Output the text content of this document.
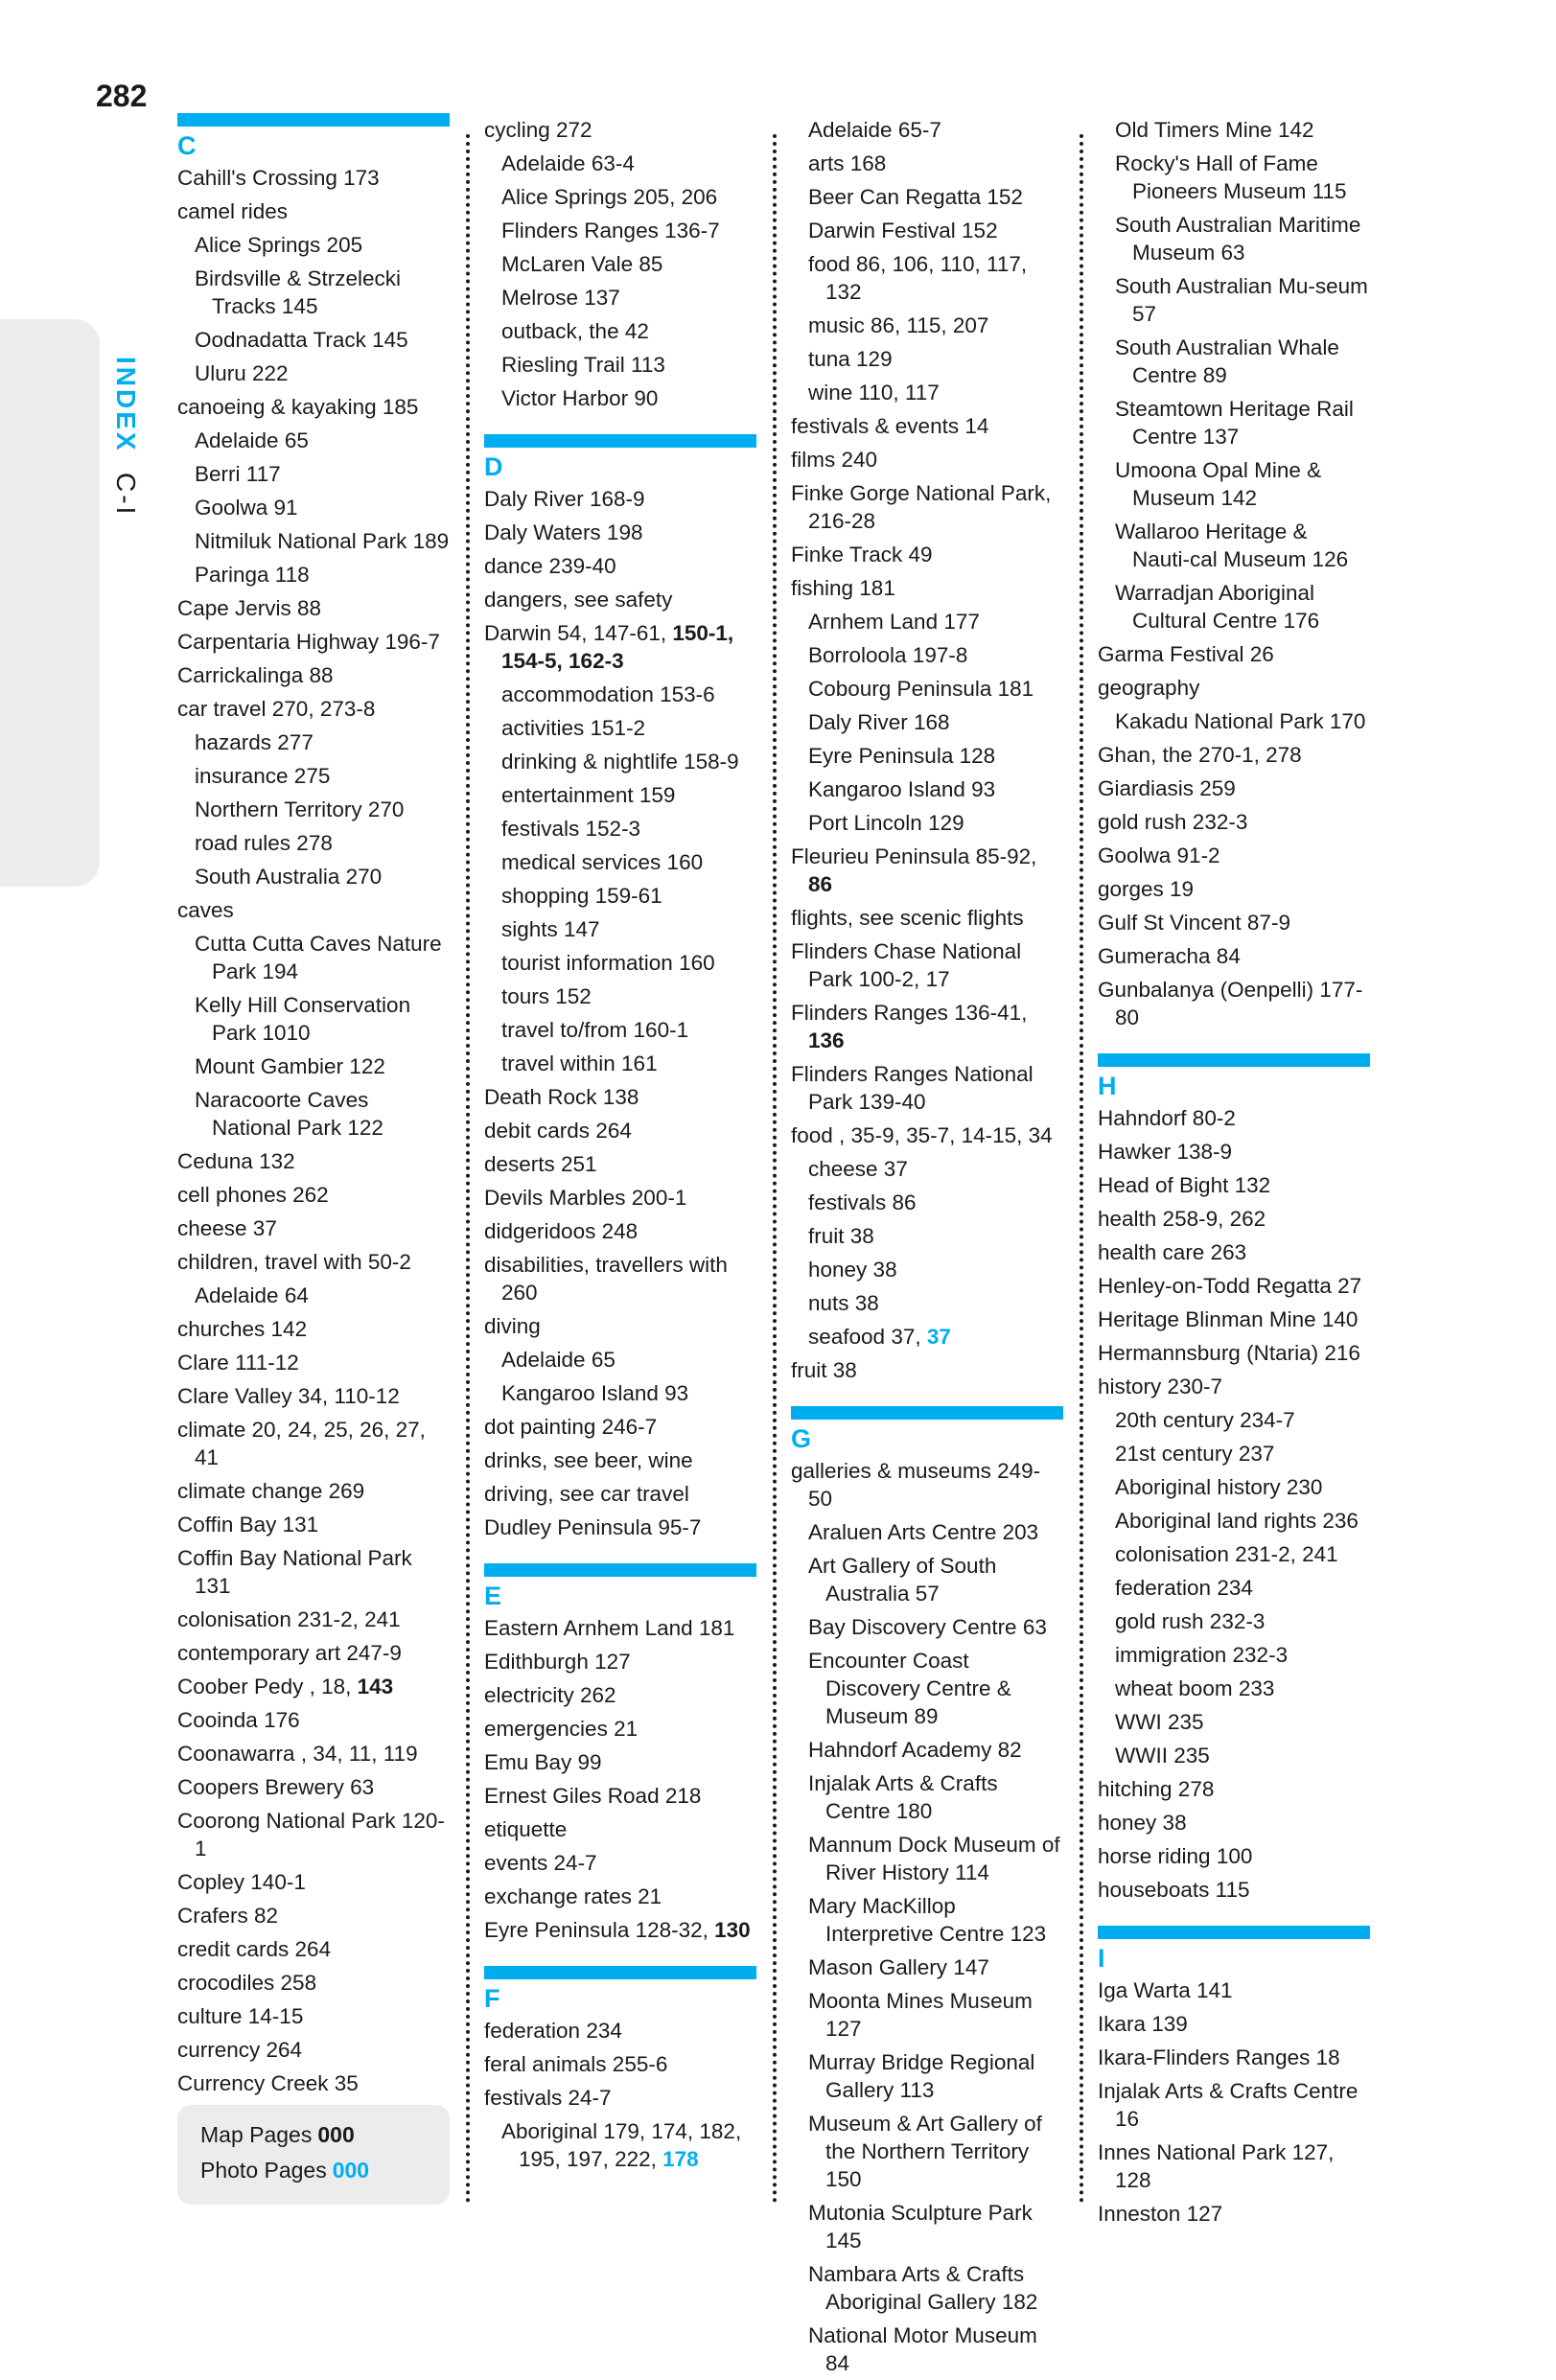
INDEX C-I
282
C
Cahill's Crossing 173
camel rides
Alice Springs 205
Birdsville & Strzelecki Tracks 145
Oodnadatta Track 145
Uluru 222
canoeing & kayaking 185
Adelaide 65
Berri 117
Goolwa 91
Nitmiluk National Park 189
Paringa 118
Cape Jervis 88
Carpentaria Highway 196-7
Carrickalinga 88
car travel 270, 273-8
hazards 277
insurance 275
Northern Territory 270
road rules 278
South Australia 270
caves
Cutta Cutta Caves Nature Park 194
Kelly Hill Conservation Park 1010
Mount Gambier 122
Naracoorte Caves National Park 122
Ceduna 132
cell phones 262
cheese 37
children, travel with 50-2
Adelaide 64
churches 142
Clare 111-12
Clare Valley 34, 110-12
climate 20, 24, 25, 26, 27, 41
climate change 269
Coffin Bay 131
Coffin Bay National Park 131
colonisation 231-2, 241
contemporary art 247-9
Coober Pedy , 18, 143
Cooinda 176
Coonawarra , 34, 11, 119
Coopers Brewery 63
Coorong National Park 120-1
Copley 140-1
Crafers 82
credit cards 264
crocodiles 258
culture 14-15
currency 264
Currency Creek 35
cycling 272
Adelaide 63-4
Alice Springs 205, 206
Flinders Ranges 136-7
McLaren Vale 85
Melrose 137
outback, the 42
Riesling Trail 113
Victor Harbor 90
D
Daly River 168-9
Daly Waters 198
dance 239-40
dangers, see safety
Darwin 54, 147-61, 150-1, 154-5, 162-3
accommodation 153-6
activities 151-2
drinking & nightlife 158-9
entertainment 159
festivals 152-3
medical services 160
shopping 159-61
sights 147
tourist information 160
tours 152
travel to/from 160-1
travel within 161
Death Rock 138
debit cards 264
deserts 251
Devils Marbles 200-1
didgeridoos 248
disabilities, travellers with 260
diving
Adelaide 65
Kangaroo Island 93
dot painting 246-7
drinks, see beer, wine
driving, see car travel
Dudley Peninsula 95-7
E
Eastern Arnhem Land 181
Edithburgh 127
electricity 262
emergencies 21
Emu Bay 99
Ernest Giles Road 218
etiquette
events 24-7
exchange rates 21
Eyre Peninsula 128-32, 130
F
federation 234
feral animals 255-6
festivals 24-7
Aboriginal 179, 174, 182, 195, 197, 222, 178
Adelaide 65-7
arts 168
Beer Can Regatta 152
Darwin Festival 152
food 86, 106, 110, 117, 132
music 86, 115, 207
tuna 129
wine 110, 117
festivals & events 14
films 240
Finke Gorge National Park, 216-28
Finke Track 49
fishing 181
Arnhem Land 177
Borroloola 197-8
Cobourg Peninsula 181
Daly River 168
Eyre Peninsula 128
Kangaroo Island 93
Port Lincoln 129
Fleurieu Peninsula 85-92, 86
flights, see scenic flights
Flinders Chase National Park 100-2, 17
Flinders Ranges 136-41, 136
Flinders Ranges National Park 139-40
food , 35-9, 35-7, 14-15, 34
cheese 37
festivals 86
fruit 38
honey 38
nuts 38
seafood 37, 37
fruit 38
G
galleries & museums 249-50
Araluen Arts Centre 203
Art Gallery of South Australia 57
Bay Discovery Centre 63
Encounter Coast Discovery Centre & Museum 89
Hahndorf Academy 82
Injalak Arts & Crafts Centre 180
Mannum Dock Museum of River History 114
Mary MacKillop Interpretive Centre 123
Mason Gallery 147
Moonta Mines Museum 127
Murray Bridge Regional Gallery 113
Museum & Art Gallery of the Northern Territory 150
Mutonia Sculpture Park 145
Nambara Arts & Crafts Aboriginal Gallery 182
National Motor Museum 84
Old Timers Mine 142
Rocky's Hall of Fame Pioneers Museum 115
South Australian Maritime Museum 63
South Australian Mu-seum 57
South Australian Whale Centre 89
Steamtown Heritage Rail Centre 137
Umoona Opal Mine & Museum 142
Wallaroo Heritage & Nauti-cal Museum 126
Warradjan Aboriginal Cultural Centre 176
Garma Festival 26
geography
Kakadu National Park 170
Ghan, the 270-1, 278
Giardiasis 259
gold rush 232-3
Goolwa 91-2
gorges 19
Gulf St Vincent 87-9
Gumeracha 84
Gunbalanya (Oenpelli) 177-80
H
Hahndorf 80-2
Hawker 138-9
Head of Bight 132
health 258-9, 262
health care 263
Henley-on-Todd Regatta 27
Heritage Blinman Mine 140
Hermannsburg (Ntaria) 216
history 230-7
20th century 234-7
21st century 237
Aboriginal history 230
Aboriginal land rights 236
colonisation 231-2, 241
federation 234
gold rush 232-3
immigration 232-3
wheat boom 233
WWI 235
WWII 235
hitching 278
honey 38
horse riding 100
houseboats 115
I
Iga Warta 141
Ikara 139
Ikara-Flinders Ranges 18
Injalak Arts & Crafts Centre 16
Innes National Park 127, 128
Inneston 127
Map Pages 000
Photo Pages 000
